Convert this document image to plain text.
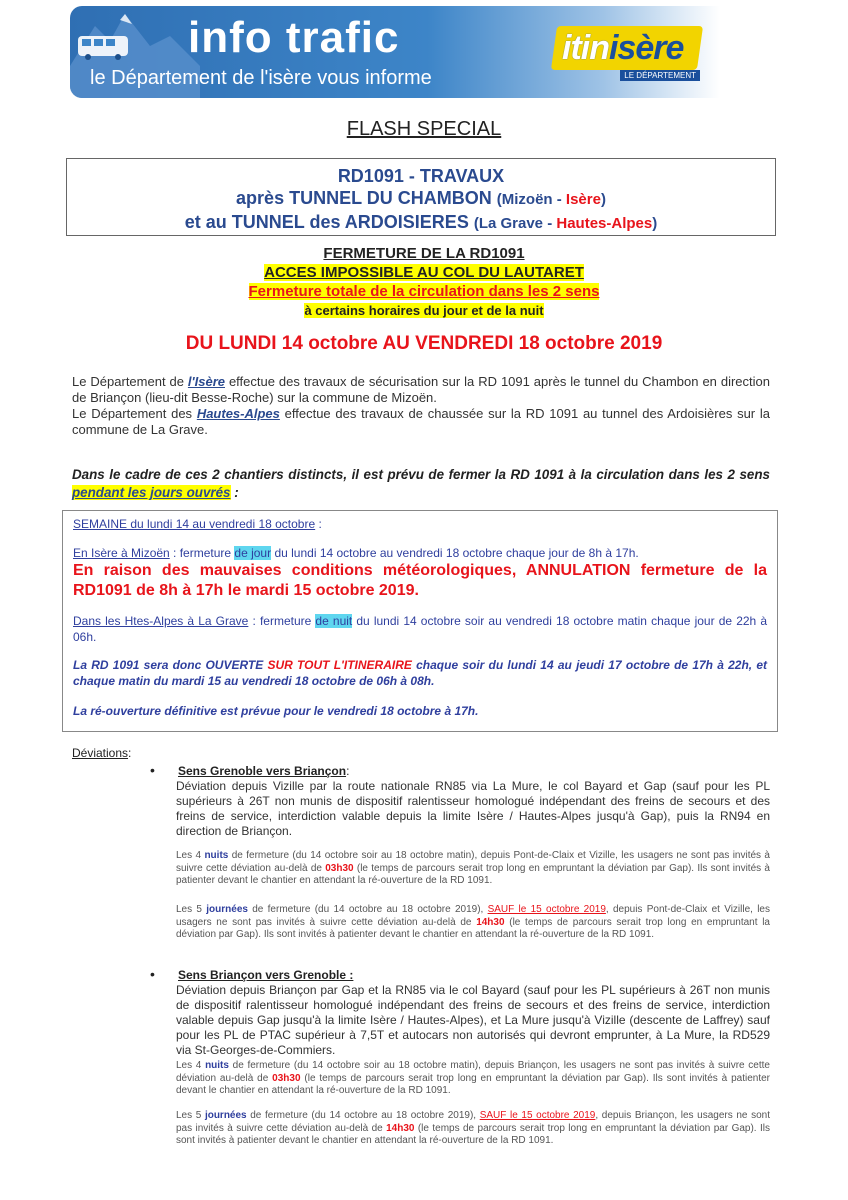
info trafic
le Département de l'isère vous informe
itinisère
LE DÉPARTEMENT
FLASH SPECIAL
RD1091 - TRAVAUX
après TUNNEL DU CHAMBON (Mizoën - Isère)
et au TUNNEL des ARDOISIERES (La Grave - Hautes-Alpes)
FERMETURE DE LA RD1091
ACCES IMPOSSIBLE AU COL DU LAUTARET
Fermeture totale de la circulation dans les 2 sens
à certains horaires du jour et de la nuit
DU LUNDI 14 octobre AU VENDREDI 18 octobre 2019
Le Département de l'Isère effectue des travaux de sécurisation sur la RD 1091 après le tunnel du Chambon en direction de Briançon (lieu-dit Besse-Roche) sur la commune de Mizoën.
Le Département des Hautes-Alpes effectue des travaux de chaussée sur la RD 1091 au tunnel des Ardoisières sur la commune de La Grave.
Dans le cadre de ces 2 chantiers distincts, il est prévu de fermer la RD 1091 à la circulation dans les 2 sens pendant les jours ouvrés :
SEMAINE du lundi 14 au vendredi 18 octobre :
En Isère à Mizoën : fermeture de jour du lundi 14 octobre au vendredi 18 octobre chaque jour de 8h à 17h.
En raison des mauvaises conditions météorologiques, ANNULATION fermeture de la RD1091 de 8h à 17h le mardi 15 octobre 2019.
Dans les Htes-Alpes à La Grave : fermeture de nuit du lundi 14 octobre soir au vendredi 18 octobre matin chaque jour de 22h à 06h.
La RD 1091 sera donc OUVERTE SUR TOUT L'ITINERAIRE chaque soir du lundi 14 au jeudi 17 octobre de 17h à 22h, et chaque matin du mardi 15 au vendredi 18 octobre de 06h à 08h.
La ré-ouverture définitive est prévue pour le vendredi 18 octobre à 17h.
Déviations:
• Sens Grenoble vers Briançon:
Déviation depuis Vizille par la route nationale RN85 via La Mure, le col Bayard et Gap (sauf pour les PL supérieurs à 26T non munis de dispositif ralentisseur homologué indépendant des freins de secours et des freins de service, interdiction valable depuis la limite Isère / Hautes-Alpes jusqu'à Gap), puis la RN94 en direction de Briançon.
Les 4 nuits de fermeture (du 14 octobre soir au 18 octobre matin), depuis Pont-de-Claix et Vizille, les usagers ne sont pas invités à suivre cette déviation au-delà de 03h30 (le temps de parcours serait trop long en empruntant la déviation par Gap). Ils sont invités à patienter devant le chantier en attendant la ré-ouverture de la RD 1091.
Les 5 journées de fermeture (du 14 octobre au 18 octobre 2019), SAUF le 15 octobre 2019, depuis Pont-de-Claix et Vizille, les usagers ne sont pas invités à suivre cette déviation au-delà de 14h30 (le temps de parcours serait trop long en empruntant la déviation par Gap). Ils sont invités à patienter devant le chantier en attendant la ré-ouverture de la RD 1091.
• Sens Briançon vers Grenoble :
Déviation depuis Briançon par Gap et la RN85 via le col Bayard (sauf pour les PL supérieurs à 26T non munis de dispositif ralentisseur homologué indépendant des freins de secours et des freins de service, interdiction valable depuis Gap jusqu'à la limite Isère / Hautes-Alpes), et La Mure jusqu'à Vizille (descente de Laffrey) sauf pour les PL de PTAC supérieur à 7,5T et autocars non autorisés qui devront emprunter, à La Mure, la RD529 via St-Georges-de-Commiers.
Les 4 nuits de fermeture (du 14 octobre soir au 18 octobre matin), depuis Briançon, les usagers ne sont pas invités à suivre cette déviation au-delà de 03h30 (le temps de parcours serait trop long en empruntant la déviation par Gap). Ils sont invités à patienter devant le chantier en attendant la ré-ouverture de la RD 1091.
Les 5 journées de fermeture (du 14 octobre au 18 octobre 2019), SAUF le 15 octobre 2019, depuis Briançon, les usagers ne sont pas invités à suivre cette déviation au-delà de 14h30 (le temps de parcours serait trop long en empruntant la déviation par Gap). Ils sont invités à patienter devant le chantier en attendant la ré-ouverture de la RD 1091.
